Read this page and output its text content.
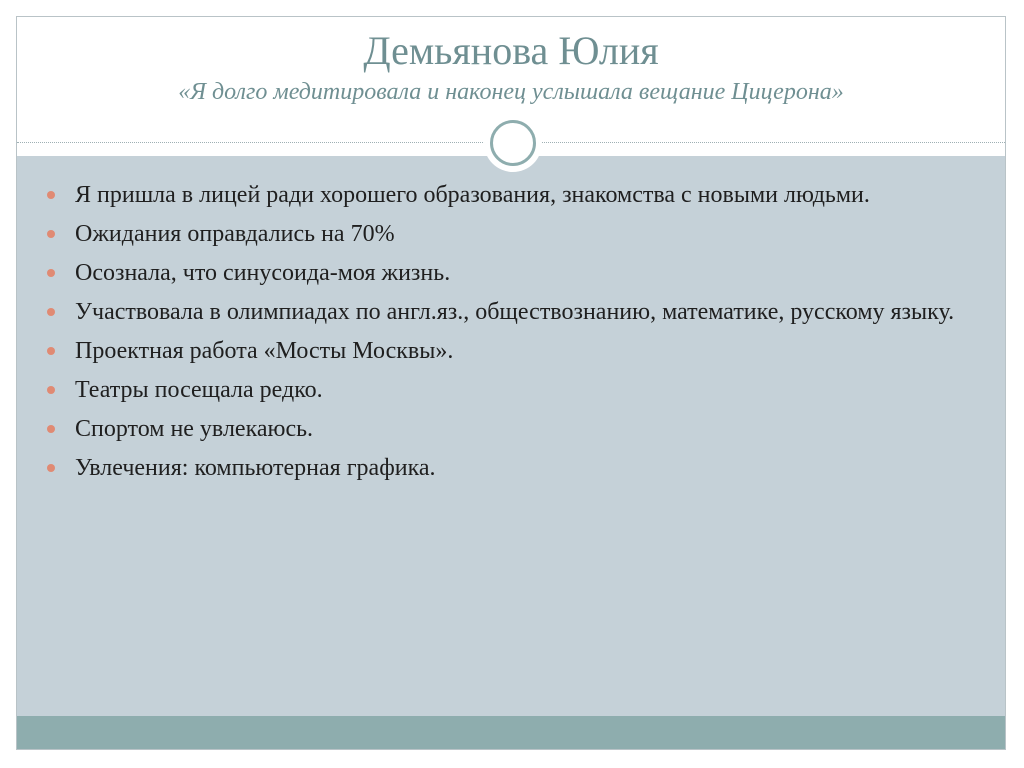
Демьянова Юлия
«Я долго медитировала и наконец услышала вещание Цицерона»
Я пришла в лицей ради хорошего образования, знакомства с новыми людьми.
Ожидания оправдались на 70%
Осознала, что синусоида-моя жизнь.
Участвовала в олимпиадах по англ.яз., обществознанию, математике, русскому языку.
Проектная работа «Мосты Москвы».
Театры посещала редко.
Спортом не увлекаюсь.
Увлечения: компьютерная графика.
